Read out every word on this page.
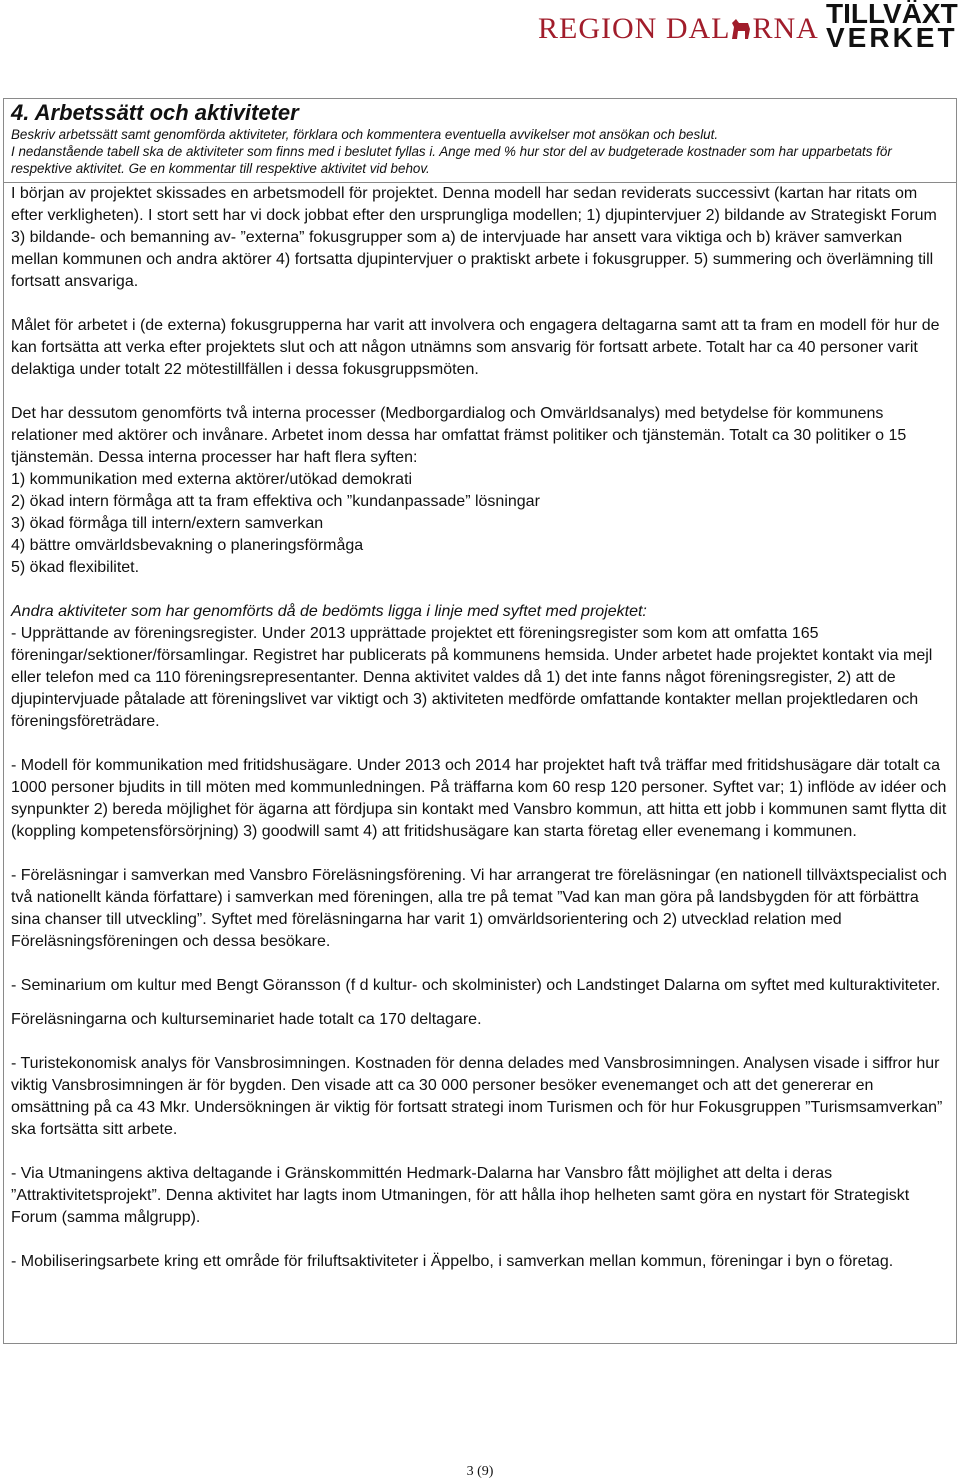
REGION DAL RNA TILLVÄXT
VERKET
4. Arbetssätt och aktiviteter

Beskriv arbetssätt samt genomförda aktiviteter, förklara och kommentera eventuella avvikelser mot ansökan och beslut.

I nedanstående tabell ska de aktiviteter som finns med i beslutet fyllas i. Ange med % hur stor del av budgeterade kostnader som har upparbetats för respektive aktivitet. Ge en kommentar till respektive aktivitet vid behov.

I början av projektet skissades en arbetsmodell för projektet. Denna modell har sedan reviderats successivt (kartan har ritats om efter verkligheten). I stort sett har vi dock jobbat efter den ursprungliga modellen; 1) djupintervjuer 2) bildande av Strategiskt Forum 3) bildande- och bemanning av- ”externa” fokusgrupper som a) de intervjuade har ansett vara viktiga och b) kräver samverkan mellan kommunen och andra aktörer 4) fortsatta djupintervjuer o praktiskt arbete i fokusgrupper. 5) summering och överlämning till fortsatt ansvariga.

Målet för arbetet i (de externa) fokusgrupperna har varit att involvera och engagera deltagarna samt att ta fram en modell för hur de kan fortsätta att verka efter projektets slut och att någon utnämns som ansvarig för fortsatt arbete. Totalt har ca 40 personer varit delaktiga under totalt 22 mötestillfällen i dessa fokusgruppsmöten.

Det har dessutom genomförts två interna processer (Medborgardialog och Omvärldsanalys) med betydelse för kommunens relationer med aktörer och invånare. Arbetet inom dessa har omfattat främst politiker och tjänstemän. Totalt ca 30 politiker o 15 tjänstemän. Dessa interna processer har haft flera syften:
1) kommunikation med externa aktörer/utökad demokrati
2) ökad intern förmåga att ta fram effektiva och ”kundanpassade” lösningar
3) ökad förmåga till intern/extern samverkan
4) bättre omvärldsbevakning o planeringsförmåga
5) ökad flexibilitet.

Andra aktiviteter som har genomförts då de bedömts ligga i linje med syftet med projektet:
- Upprättande av föreningsregister. Under 2013 upprättade projektet ett föreningsregister som kom att omfatta 165 föreningar/sektioner/församlingar. Registret har publicerats på kommunens hemsida. Under arbetet hade projektet kontakt via mejl eller telefon med ca 110 föreningsrepresentanter. Denna aktivitet valdes då 1) det inte fanns något föreningsregister, 2) att de djupintervjuade påtalade att föreningslivet var viktigt och 3) aktiviteten medförde omfattande kontakter mellan projektledaren och föreningsföreträdare.

- Modell för kommunikation med fritidshusägare. Under 2013 och 2014 har projektet haft två träffar med fritidshusägare där totalt ca 1000 personer bjudits in till möten med kommunledningen. På träffarna kom 60 resp 120 personer. Syftet var; 1) inflöde av idéer och synpunkter 2) bereda möjlighet för ägarna att fördjupa sin kontakt med Vansbro kommun, att hitta ett jobb i kommunen samt flytta dit (koppling kompetensförsörjning) 3) goodwill samt 4) att fritidshusägare kan starta företag eller evenemang i kommunen.

- Föreläsningar i samverkan med Vansbro Föreläsningsförening. Vi har arrangerat tre föreläsningar (en nationell tillväxtspecialist och två nationellt kända författare) i samverkan med föreningen, alla tre på temat ”Vad kan man göra på landsbygden för att förbättra sina chanser till utveckling”. Syftet med föreläsningarna har varit 1) omvärldsorientering och 2) utvecklad relation med Föreläsningsföreningen och dessa besökare.

- Seminarium om kultur med Bengt Göransson (f d kultur- och skolminister) och Landstinget Dalarna om syftet med kulturaktiviteter.

Föreläsningarna och kulturseminariet hade totalt ca 170 deltagare.

- Turistekonomisk analys för Vansbrosimningen. Kostnaden för denna delades med Vansbrosimningen. Analysen visade i siffror hur viktig Vansbrosimningen är för bygden. Den visade att ca 30 000 personer besöker evenemanget och att det genererar en omsättning på ca 43 Mkr. Undersökningen är viktig för fortsatt strategi inom Turismen och för hur Fokusgruppen ”Turismsamverkan” ska fortsätta sitt arbete.

- Via Utmaningens aktiva deltagande i Gränskommittén Hedmark-Dalarna har Vansbro fått möjlighet att delta i deras ”Attraktivitetsprojekt”. Denna aktivitet har lagts inom Utmaningen, för att hålla ihop helheten samt göra en nystart för Strategiskt Forum (samma målgrupp).

- Mobiliseringsarbete kring ett område för friluftsaktiviteter i Äppelbo, i samverkan mellan kommun, föreningar i byn o företag.

3 (9)
